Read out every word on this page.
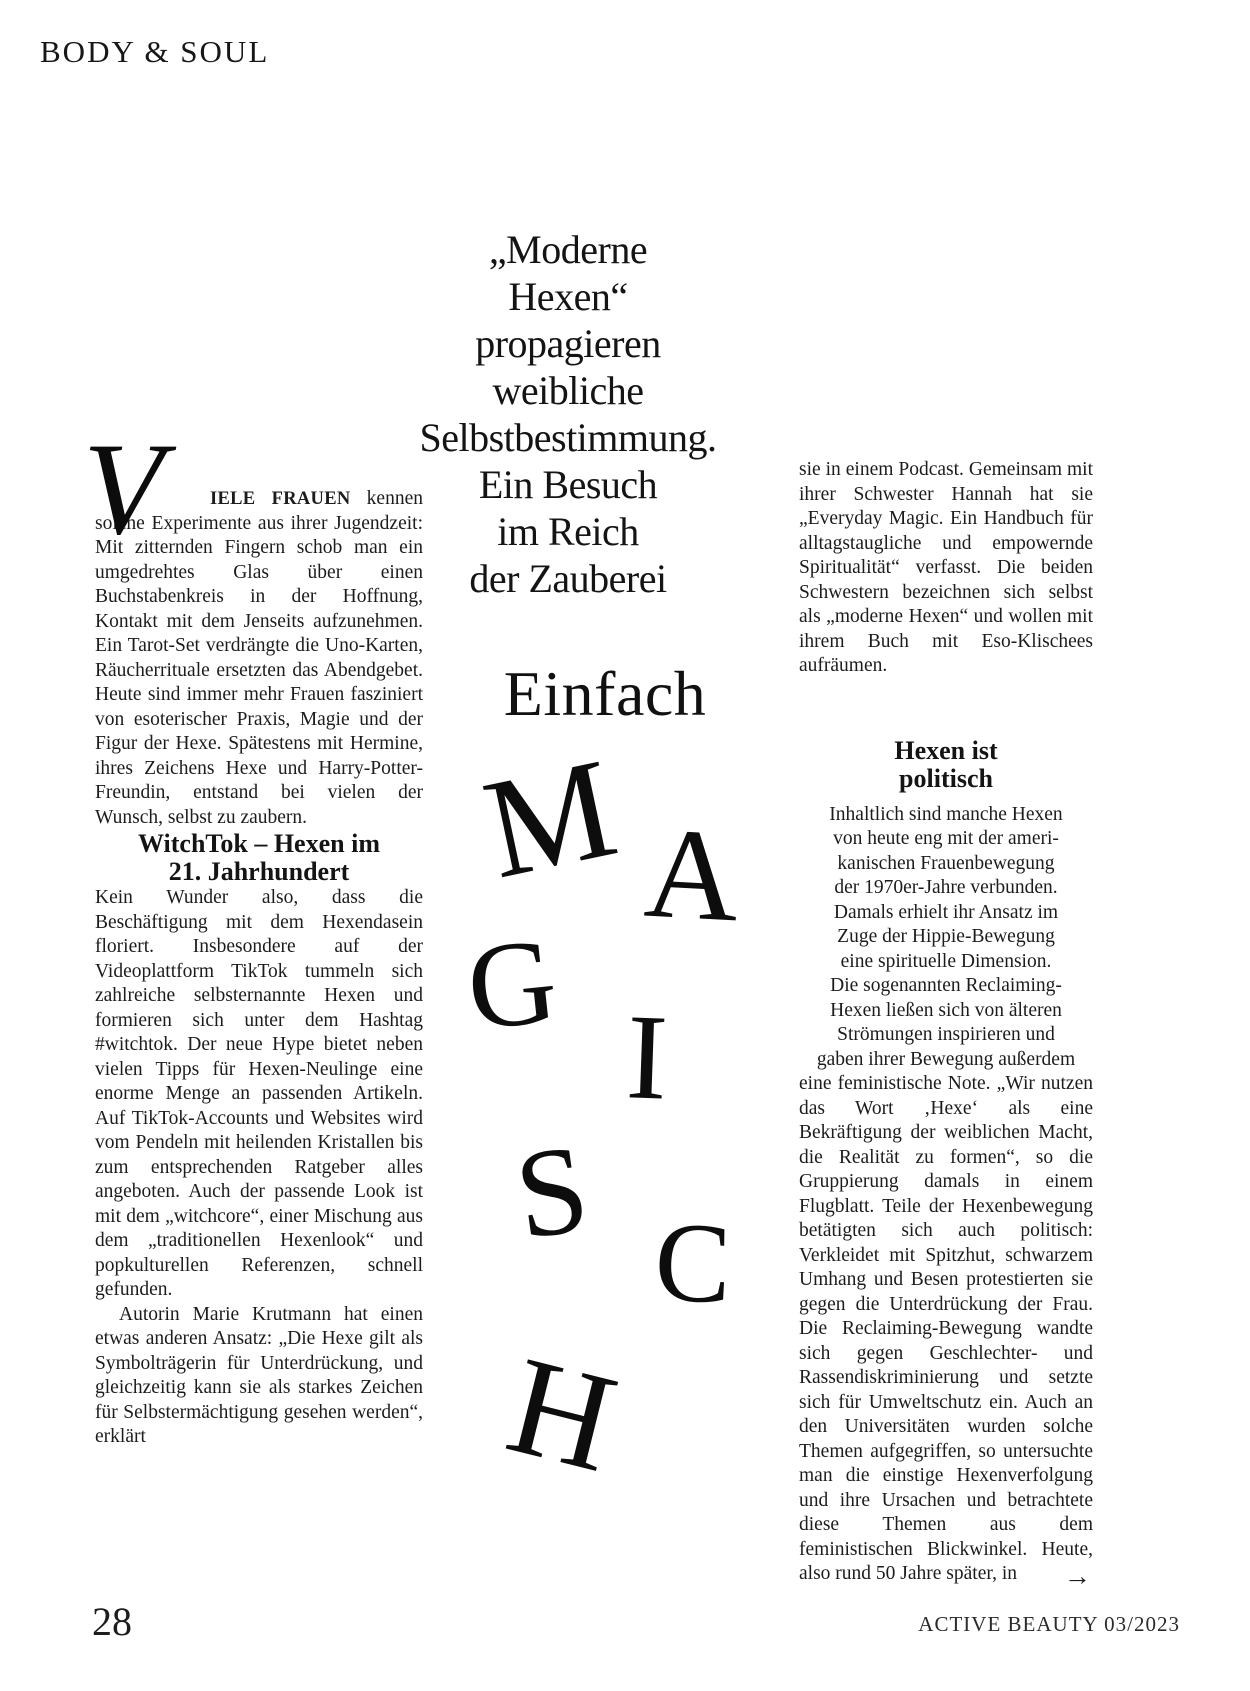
BODY & SOUL
„Moderne
Hexen“
propagieren
weibliche
Selbstbestimmung.
Ein Besuch
im Reich
der Zauberei
Einfach
M A
G
I
S C
H

V	IELE FRAUEN kennen solche Experimente aus ihrer Jugendzeit: Mit zitternden Fingern schob man ein umgedrehtes Glas über einen Buchstabenkreis in der Hoffnung, Kontakt mit dem Jenseits aufzunehmen. Ein Tarot-Set verdrängte die Uno-Karten, Räucherrituale ersetzten das Abendgebet. Heute sind immer mehr Frauen fasziniert von esoterischer Praxis, Magie und der Figur der Hexe. Spätestens mit Hermine, ihres Zeichens Hexe und Harry-Potter-Freundin, entstand bei vielen der Wunsch, selbst zu zaubern.

WitchTok – Hexen im
21. Jahrhundert

Kein Wunder also, dass die Beschäftigung mit dem Hexendasein floriert. Insbesondere auf der Videoplattform TikTok tummeln sich zahlreiche selbsternannte Hexen und formieren sich unter dem Hashtag #witchtok. Der neue Hype bietet neben vielen Tipps für Hexen-Neulinge eine enorme Menge an passenden Artikeln. Auf TikTok-Accounts und Websites wird vom Pendeln mit heilenden Kristallen bis zum entsprechenden Ratgeber alles angeboten. Auch der passende Look ist mit dem „witchcore“, einer Mischung aus dem „traditionellen Hexenlook“ und popkulturellen Referenzen, schnell gefunden.

Autorin Marie Krutmann hat einen etwas anderen Ansatz: „Die Hexe gilt als Symbolträgerin für Unterdrückung, und gleichzeitig kann sie als starkes Zeichen für Selbstermächtigung gesehen werden“, erklärt

sie in einem Podcast. Gemeinsam mit ihrer Schwester Hannah hat sie „Everyday Magic. Ein Handbuch für alltagstaugliche und empowernde Spiritualität“ verfasst. Die beiden Schwestern bezeichnen sich selbst als „moderne Hexen“ und wollen mit ihrem Buch mit Eso-Klischees aufräumen.

Hexen ist
politisch

Inhaltlich sind manche Hexen
von heute eng mit der ameri-
kanischen Frauenbewegung
der 1970er-Jahre verbunden.
Damals erhielt ihr Ansatz im
Zuge der Hippie-Bewegung
eine spirituelle Dimension.
Die sogenannten Reclaiming-
Hexen ließen sich von älteren
Strömungen inspirieren und
gaben ihrer Bewegung außerdem

eine feministische Note. „Wir nutzen das Wort ‚Hexe‘ als eine Bekräftigung der weiblichen Macht, die Realität zu formen“, so die Gruppierung damals in einem Flugblatt. Teile der Hexenbewegung betätigten sich auch politisch: Verkleidet mit Spitzhut, schwarzem Umhang und Besen protestierten sie gegen die Unterdrückung der Frau. Die Reclaiming-Bewegung wandte sich gegen Geschlechter- und Rassendiskriminierung und setzte sich für Umweltschutz ein. Auch an den Universitäten wurden solche Themen aufgegriffen, so untersuchte man die einstige Hexenverfolgung und ihre Ursachen und betrachtete diese Themen aus dem feministischen Blickwinkel. Heute, also rund 50 Jahre später, in →

28	ACTIVE BEAUTY 03/2023
